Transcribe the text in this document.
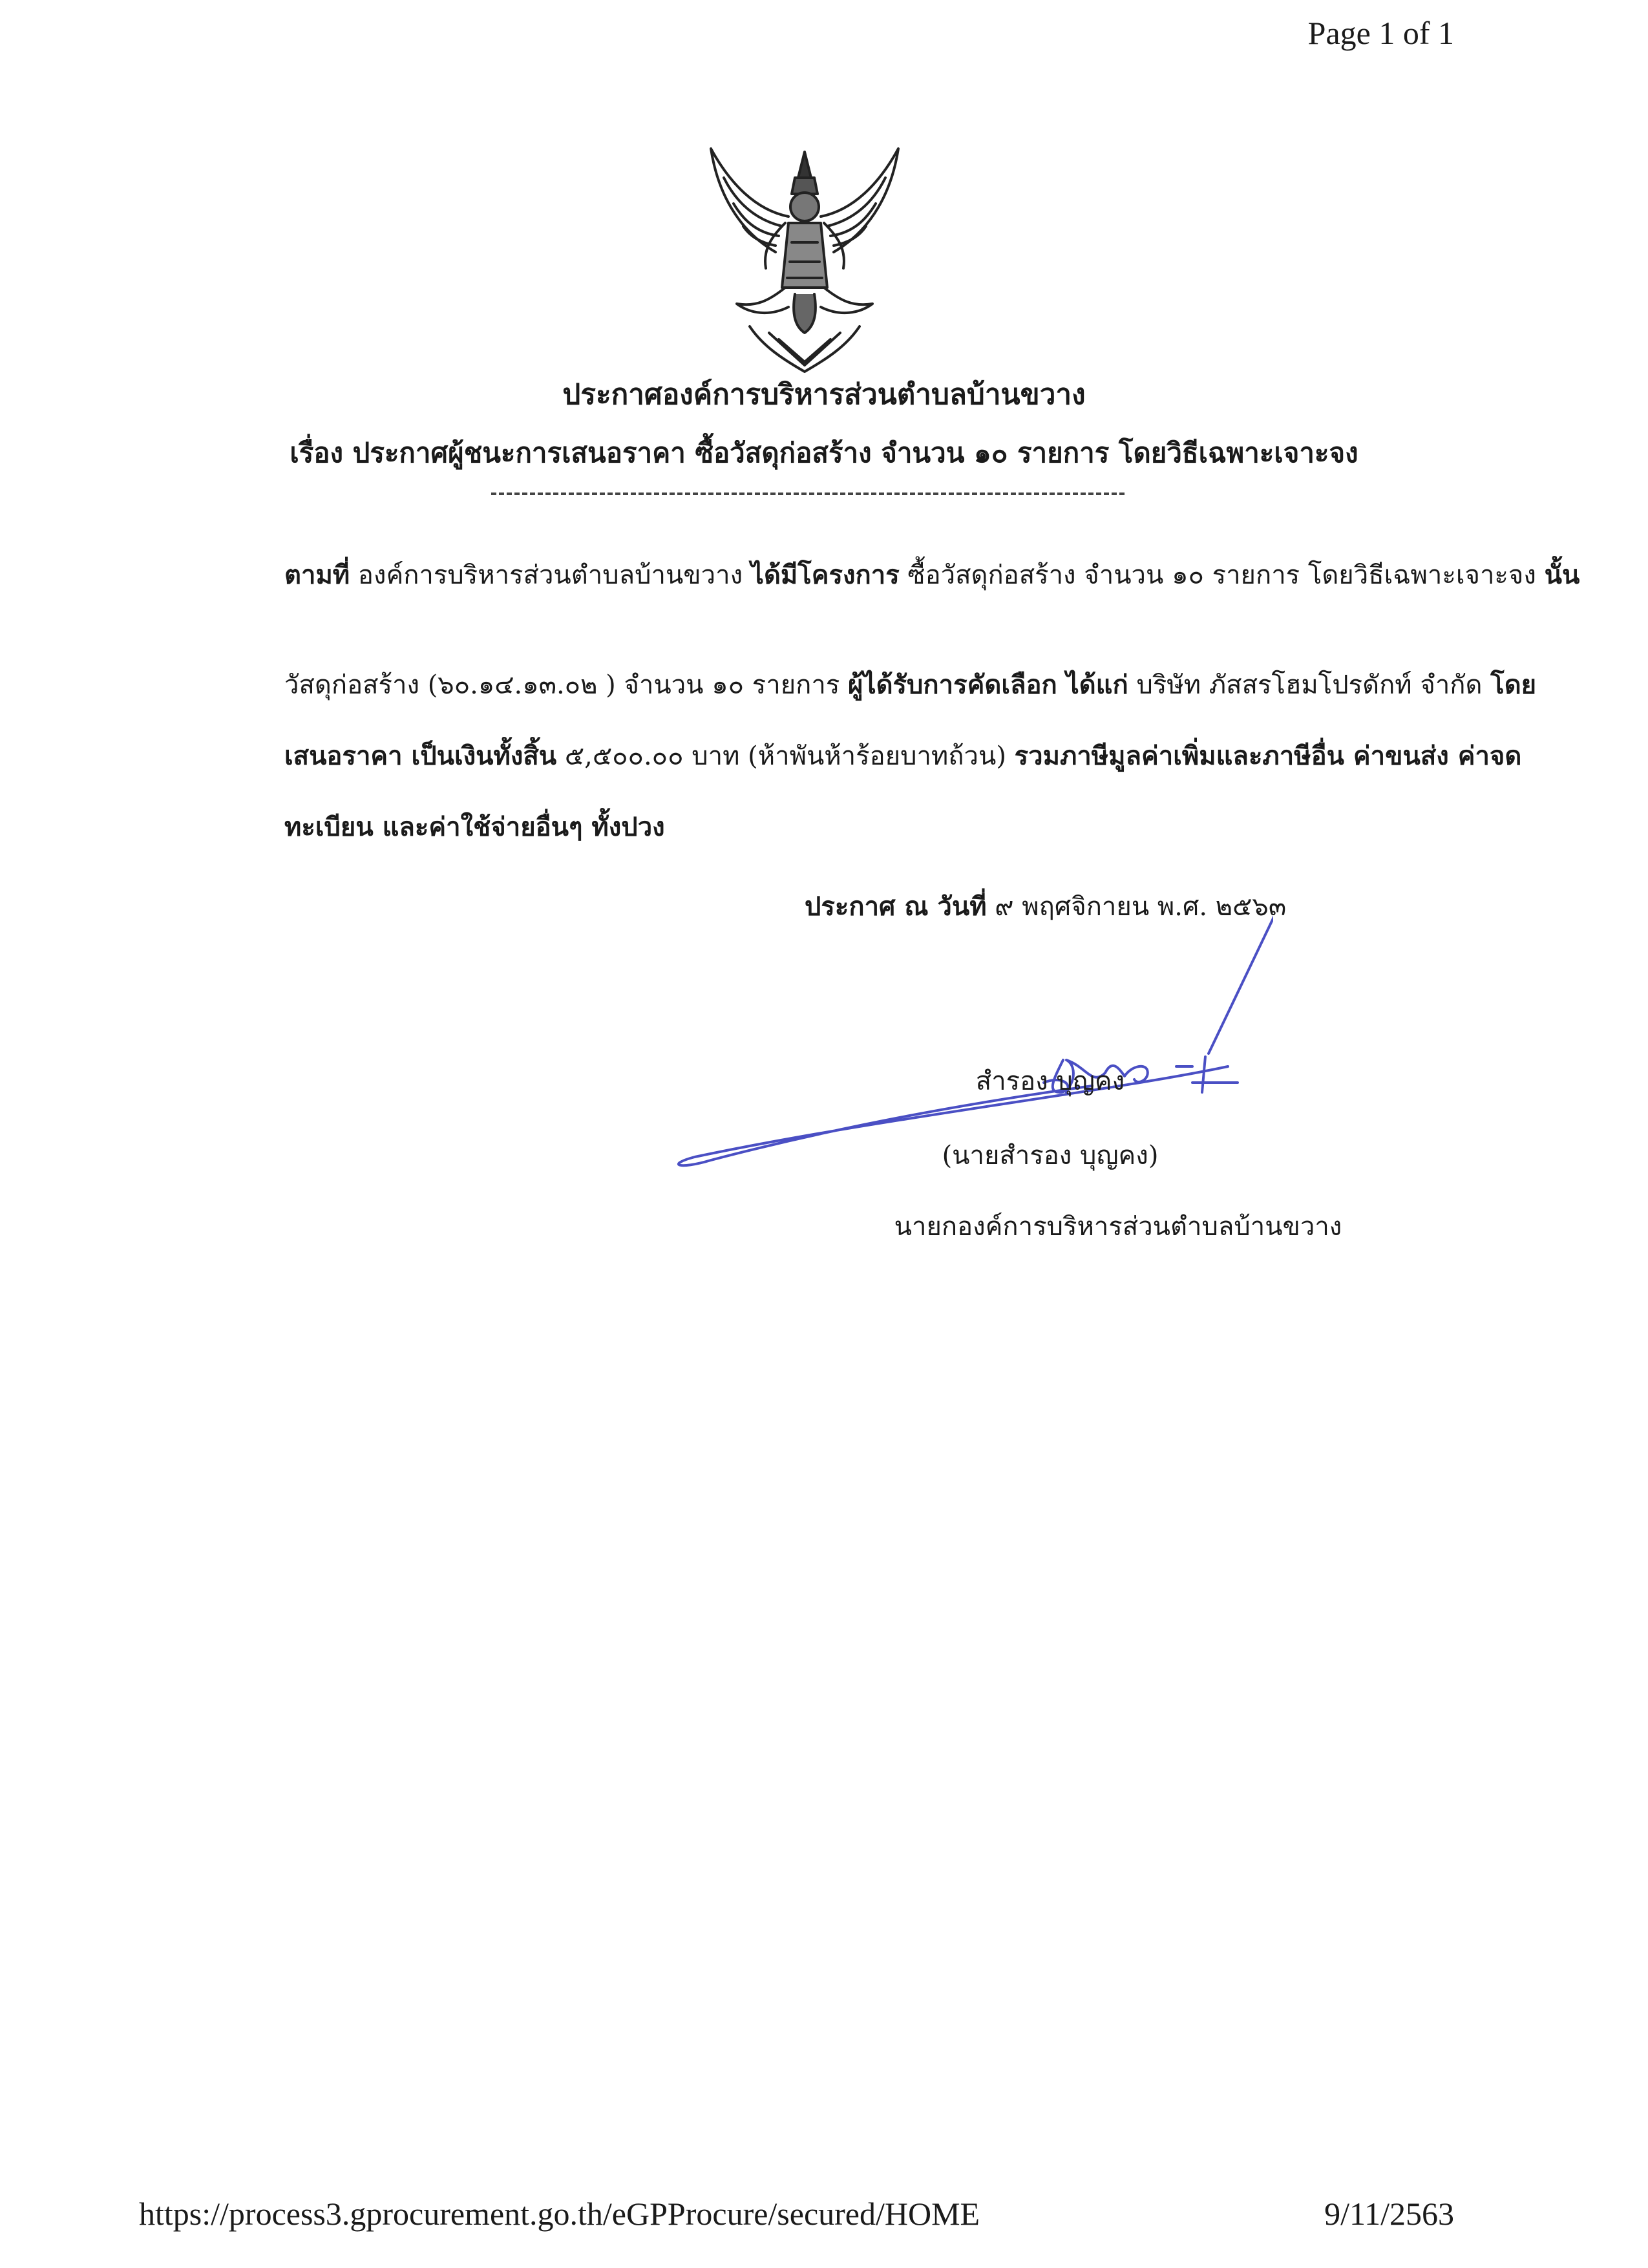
Page 1 of 1
ประกาศองค์การบริหารส่วนตำบลบ้านขวาง
เรื่อง ประกาศผู้ชนะการเสนอราคา ซื้อวัสดุก่อสร้าง จำนวน ๑๐ รายการ โดยวิธีเฉพาะเจาะจง
ตามที่ องค์การบริหารส่วนตำบลบ้านขวาง ได้มีโครงการ ซื้อวัสดุก่อสร้าง จำนวน ๑๐ รายการ โดยวิธีเฉพาะเจาะจง นั้น
วัสดุก่อสร้าง (๖๐.๑๔.๑๓.๐๒ ) จำนวน ๑๐ รายการ ผู้ได้รับการคัดเลือก ได้แก่ บริษัท ภัสสรโฮมโปรดักท์ จำกัด โดยเสนอราคา เป็นเงินทั้งสิ้น ๕,๕๐๐.๐๐ บาท (ห้าพันห้าร้อยบาทถ้วน) รวมภาษีมูลค่าเพิ่มและภาษีอื่น ค่าขนส่ง ค่าจดทะเบียน และค่าใช้จ่ายอื่นๆ ทั้งปวง
ประกาศ ณ วันที่ ๙ พฤศจิกายน พ.ศ. ๒๕๖๓
สำรอง บุญคง
(นายสำรอง บุญคง)
นายกองค์การบริหารส่วนตำบลบ้านขวาง
https://process3.gprocurement.go.th/eGPProcure/secured/HOME	9/11/2563
